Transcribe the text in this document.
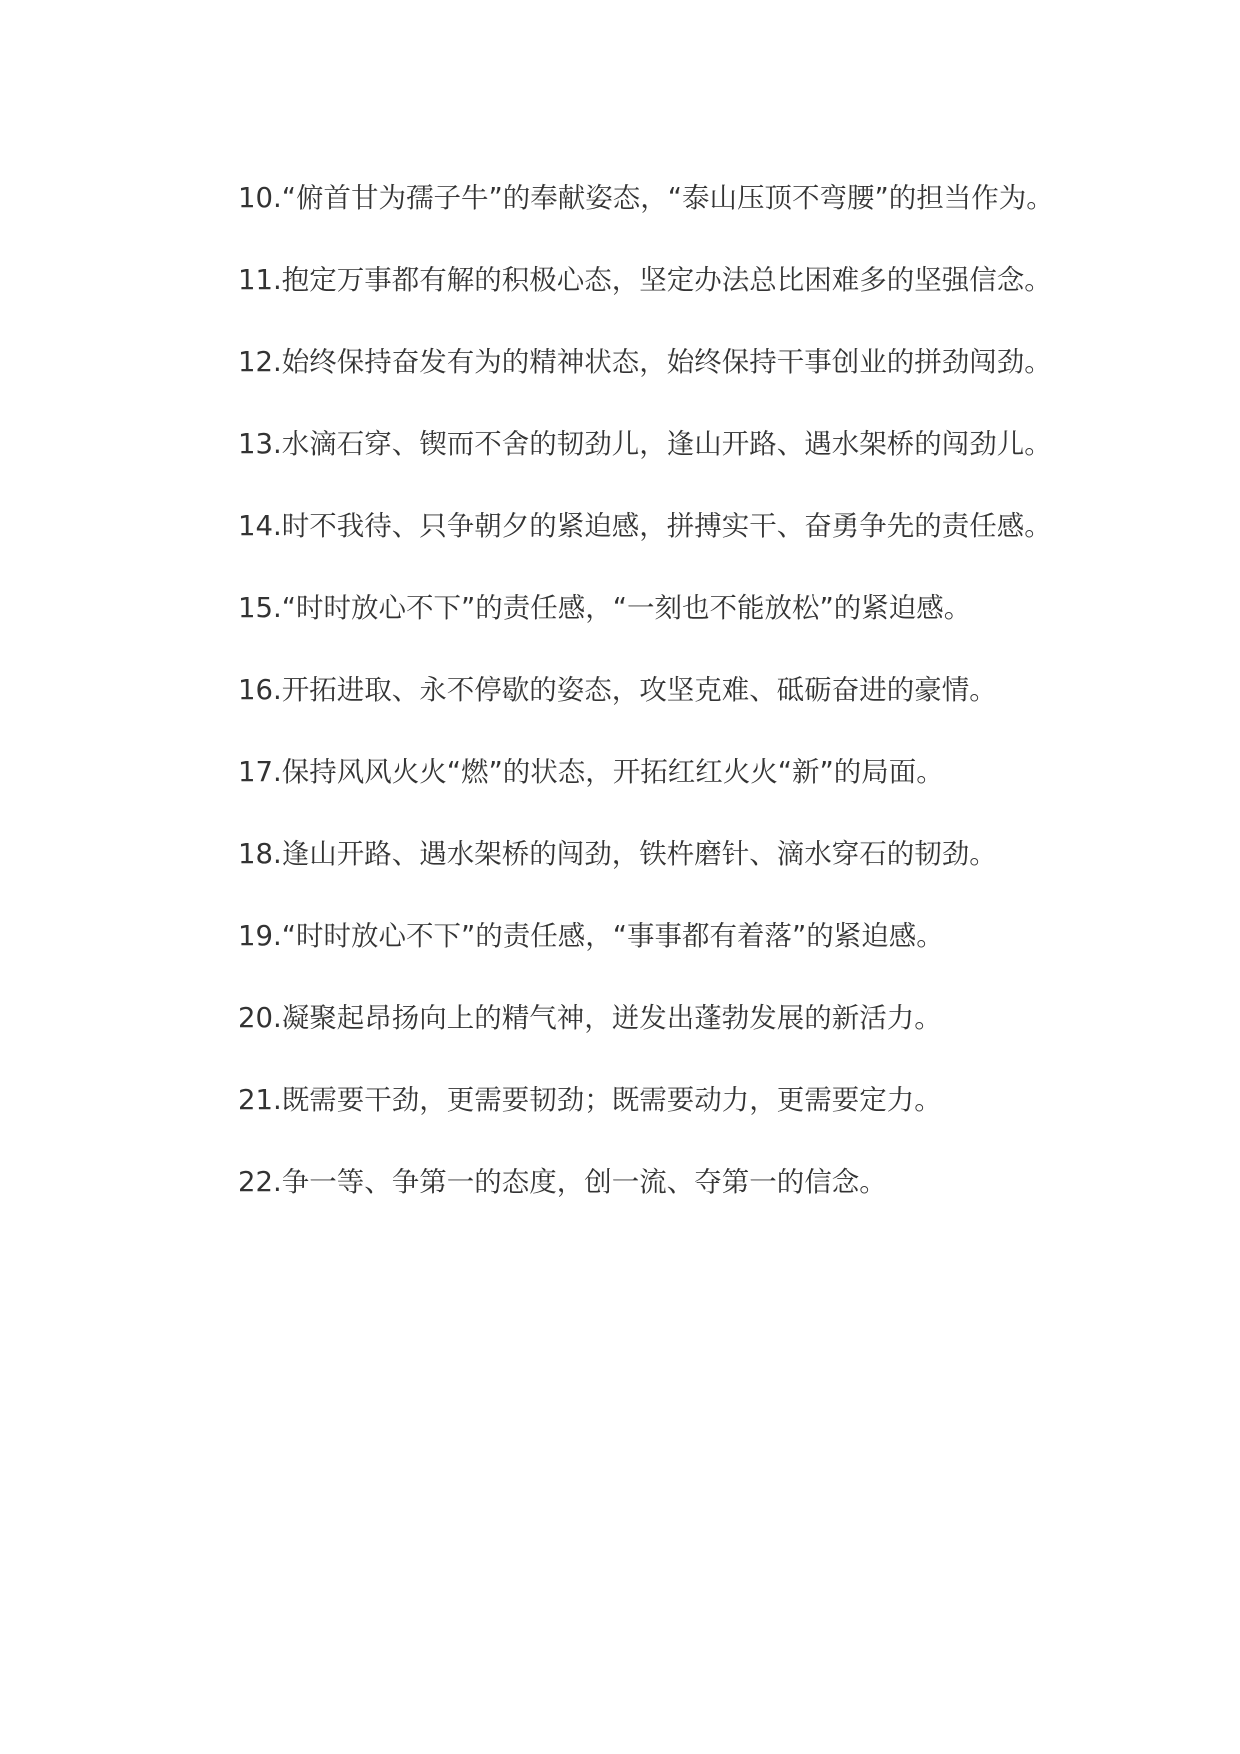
10.“俯首甘为孺子牛”的奉献姿态，“泰山压顶不弯腰”的担当作为。

11.抱定万事都有解的积极心态，坚定办法总比困难多的坚强信念。

12.始终保持奋发有为的精神状态，始终保持干事创业的拼劲闯劲。

13.水滴石穿、锲而不舍的韧劲儿，逢山开路、遇水架桥的闯劲儿。

14.时不我待、只争朝夕的紧迫感，拼搏实干、奋勇争先的责任感。

15.“时时放心不下”的责任感，“一刻也不能放松”的紧迫感。

16.开拓进取、永不停歇的姿态，攻坚克难、砥砺奋进的豪情。

17.保持风风火火“燃”的状态，开拓红红火火“新”的局面。

18.逢山开路、遇水架桥的闯劲，铁杵磨针、滴水穿石的韧劲。

19.“时时放心不下”的责任感，“事事都有着落”的紧迫感。

20.凝聚起昂扬向上的精气神，迸发出蓬勃发展的新活力。

21.既需要干劲，更需要韧劲；既需要动力，更需要定力。

22.争一等、争第一的态度，创一流、夺第一的信念。
